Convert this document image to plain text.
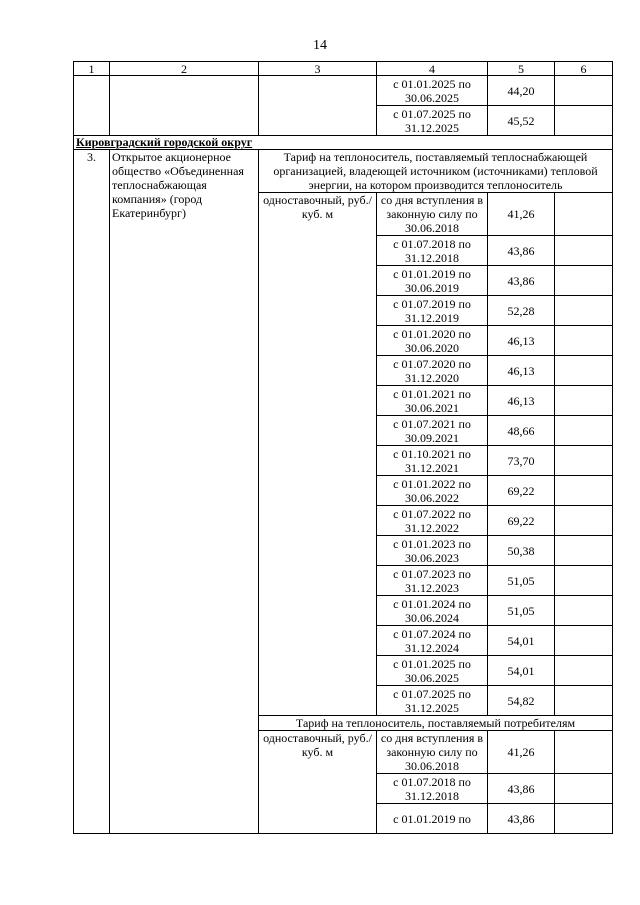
14
1	2	3	4	5	6
			с 01.01.2025 по 30.06.2025	44,20	
			с 01.07.2025 по 31.12.2025	45,52	
Кировградский городской округ					
3.	Открытое акционерное общество «Объединенная теплоснабжающая компания» (город Екатеринбург)	Тариф на теплоноситель, поставляемый теплоснабжающей организацией, владеющей источником (источниками) тепловой энергии, на котором производится теплоноситель			
		одноставочный, руб./куб. м	со дня вступления в законную силу по 30.06.2018	41,26	
			с 01.07.2018 по 31.12.2018	43,86	
			с 01.01.2019 по 30.06.2019	43,86	
			с 01.07.2019 по 31.12.2019	52,28	
			с 01.01.2020 по 30.06.2020	46,13	
			с 01.07.2020 по 31.12.2020	46,13	
			с 01.01.2021 по 30.06.2021	46,13	
			с 01.07.2021 по 30.09.2021	48,66	
			с 01.10.2021 по 31.12.2021	73,70	
			с 01.01.2022 по 30.06.2022	69,22	
			с 01.07.2022 по 31.12.2022	69,22	
			с 01.01.2023 по 30.06.2023	50,38	
			с 01.07.2023 по 31.12.2023	51,05	
			с 01.01.2024 по 30.06.2024	51,05	
			с 01.07.2024 по 31.12.2024	54,01	
			с 01.01.2025 по 30.06.2025	54,01	
			с 01.07.2025 по 31.12.2025	54,82	
		Тариф на теплоноситель, поставляемый потребителям			
		одноставочный, руб./куб. м	со дня вступления в законную силу по 30.06.2018	41,26	
			с 01.07.2018 по 31.12.2018	43,86	
			с 01.01.2019 по	43,86	
